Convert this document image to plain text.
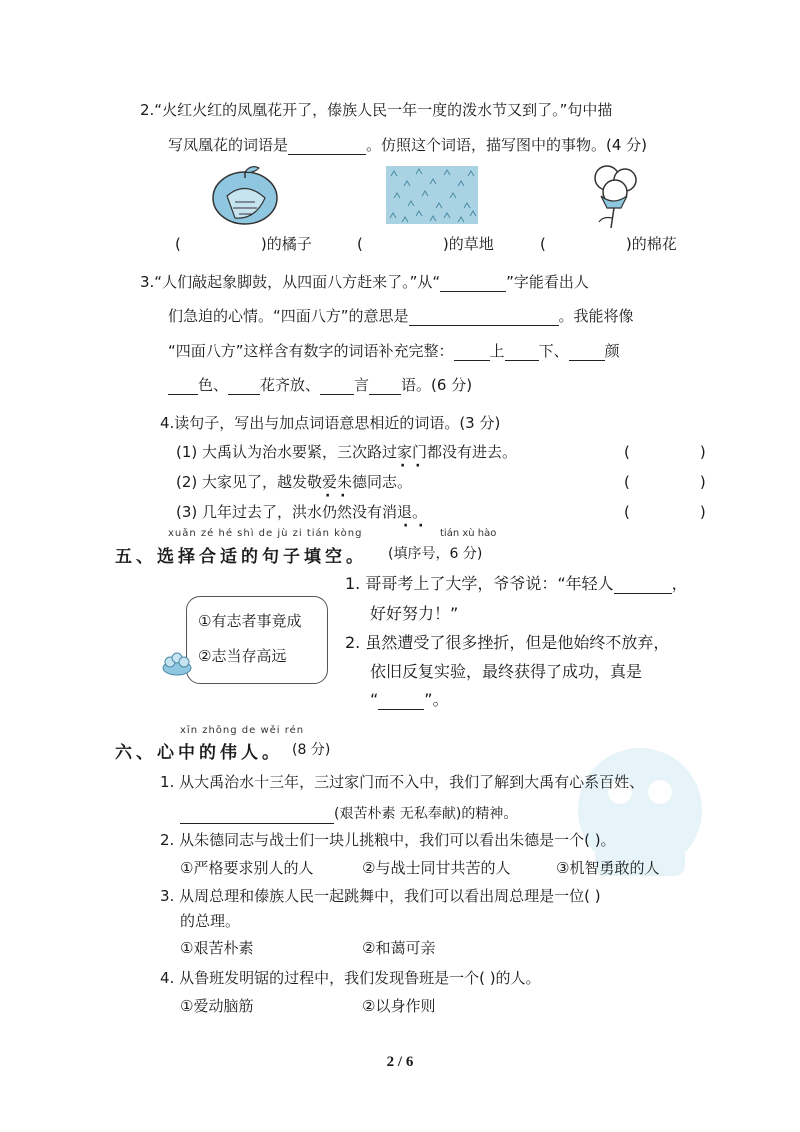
2.“火红火红的凤凰花开了，傣族人民一年一度的泼水节又到了。”句中描
写凤凰花的词语是	。仿照这个词语，描写图中的事物。(4 分)
(	)的橘子	(	)的草地	(	)的棉花
3.“人们敲起象脚鼓，从四面八方赶来了。”从“	”字能看出人
们急迫的心情。“四面八方”的意思是	。我能将像
“四面八方”这样含有数字的词语补充完整： 上 下、 颜
色、 花齐放、 言 语。(6 分)
4.读句子，写出与加点词语意思相近的词语。(3 分)
(1) 大禹认为治水要紧，三次路过家门都没有进去。
(2) 大家见了，越发敬爱朱德同志。
(3) 几年过去了，洪水仍然没有消退。
·  ·
·  ·
·  ·
(	)
(	)
(	)
xuǎn zé hé shì de jù zi tián kòng	tián xù hào
五、选择合适的句子填空。 (填序号，6 分)
①有志者事竟成
②志当存高远
1. 哥哥考上了大学，爷爷说：“年轻人	，
好好努力！”
2. 虽然遭受了很多挫折，但是他始终不放弃，
依旧反复实验，最终获得了成功，真是
“	”。
xīn zhōng de wěi rén
六、心中的伟人。 (8 分)
1. 从大禹治水十三年，三过家门而不入中，我们了解到大禹有心系百姓、
(艰苦朴素 无私奉献)的精神。
2. 从朱德同志与战士们一块儿挑粮中，我们可以看出朱德是一个( )。
①严格要求别人的人	②与战士同甘共苦的人	③机智勇敢的人
3. 从周总理和傣族人民一起跳舞中，我们可以看出周总理是一位( )
的总理。
①艰苦朴素	②和蔼可亲
4. 从鲁班发明锯的过程中，我们发现鲁班是一个( )的人。
①爱动脑筋	②以身作则
2 / 6
